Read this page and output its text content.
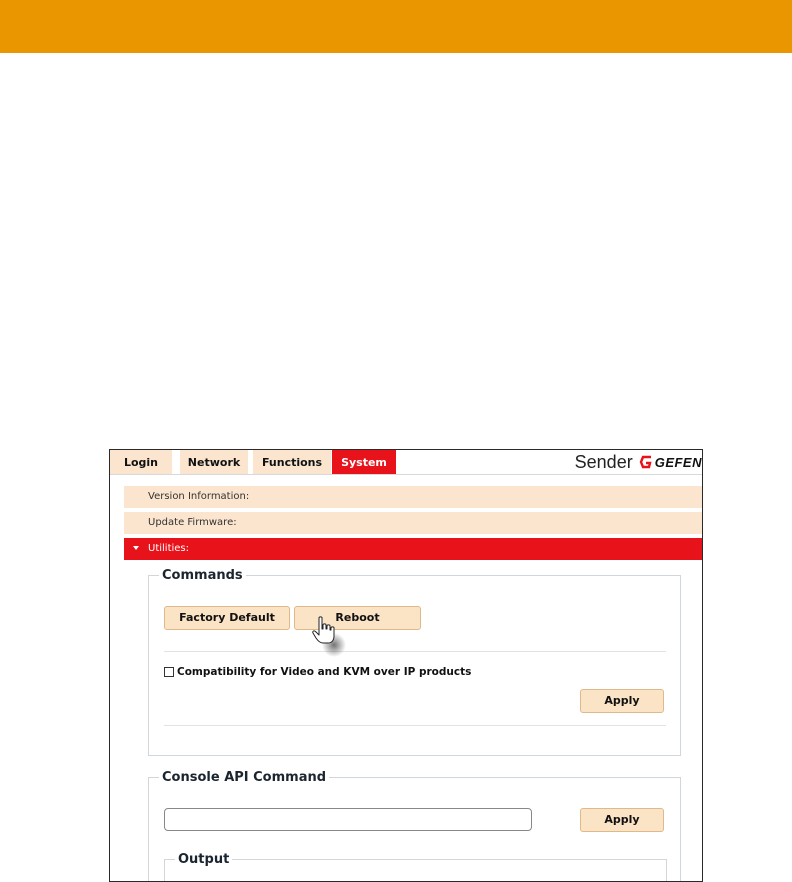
Login	Network	Functions	System	Sender GEFEN
Version Information:
Update Firmware:
Utilities:
Commands
Factory Default	Reboot
Compatibility for Video and KVM over IP products
Apply
Console API Command
Apply
Output
